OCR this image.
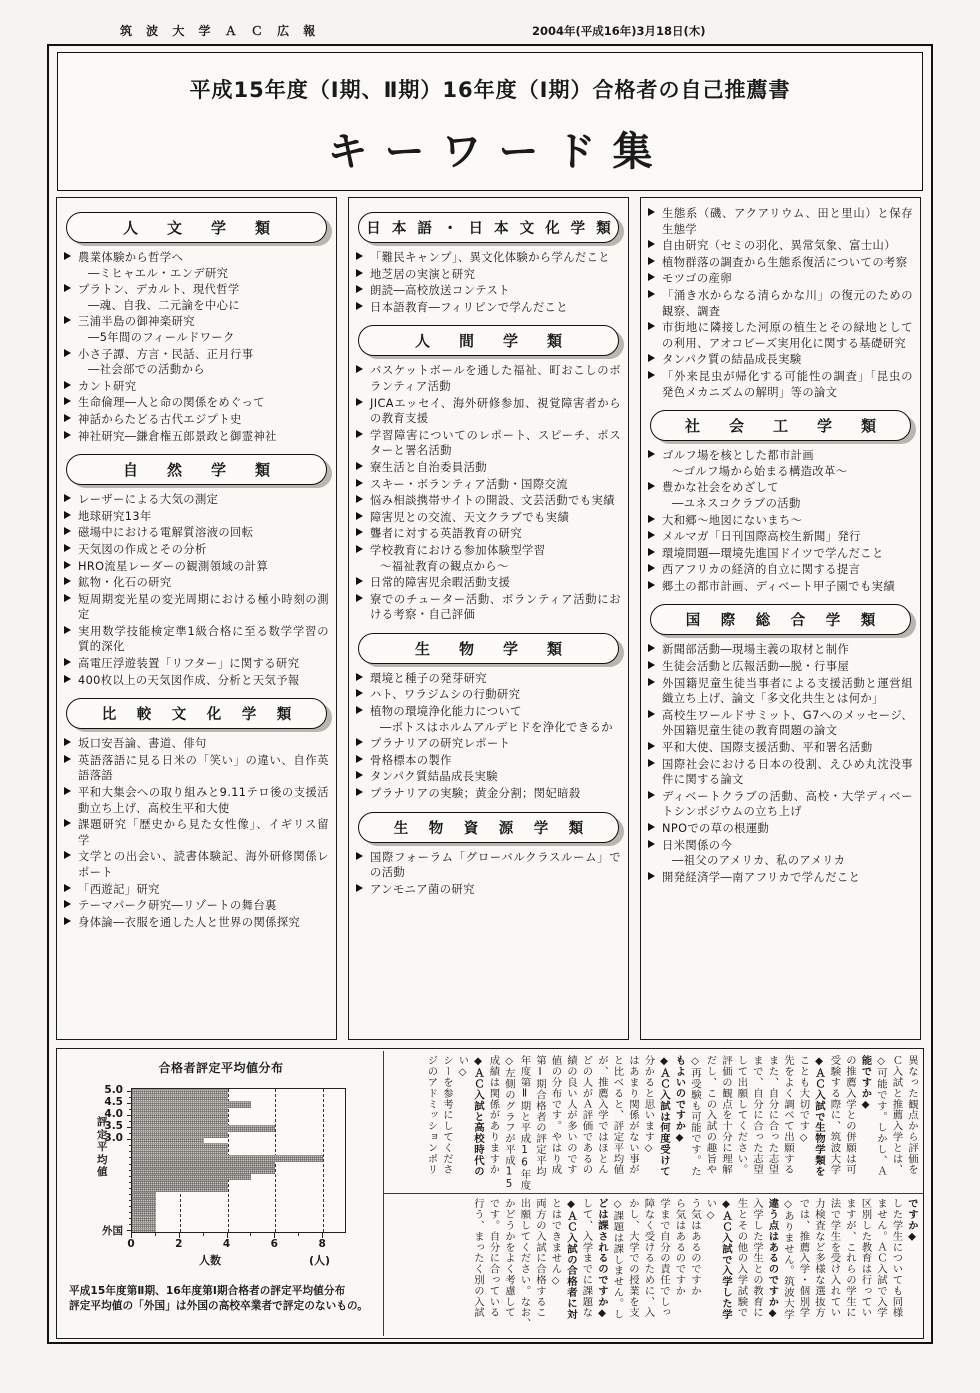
筑 波 大 学 Ａ Ｃ 広 報	2004年(平成16年)3月18日(木)
平成15年度（Ⅰ期、Ⅱ期）16年度（Ⅰ期）合格者の自己推薦書
キーワード集
人　文　学　類
農業体験から哲学へ
―ミヒャエル・エンデ研究
プラトン、デカルト、現代哲学
―魂、自我、二元論を中心に
三浦半島の御神楽研究
―5年間のフィールドワーク
小さ子譚、方言・民話、正月行事
―社会部での活動から
カント研究
生命倫理―人と命の関係をめぐって
神話からたどる古代エジプト史
神社研究―鎌倉権五郎景政と御霊神社
自　然　学　類
レーザーによる大気の測定
地球研究13年
磁場中における電解質溶液の回転
天気図の作成とその分析
HRO流星レーダーの観測領域の計算
鉱物・化石の研究
短周期変光星の変光周期における極小時刻の測定
実用数学技能検定準1級合格に至る数学学習の質的深化
高電圧浮遊装置「リフター」に関する研究
400枚以上の天気図作成、分析と天気予報
比　較　文　化　学　類
坂口安吾論、書道、俳句
英語落語に見る日米の「笑い」の違い、自作英語落語
平和大集会への取り組みと9.11テロ後の支援活動立ち上げ、高校生平和大使
課題研究「歴史から見た女性像」、イギリス留学
文学との出会い、読書体験記、海外研修関係レポート
「西遊記」研究
テーマパーク研究―リゾートの舞台裏
身体論―衣服を通した人と世界の関係探究
日 本 語 ・ 日 本 文 化 学 類
「難民キャンプ」、異文化体験から学んだこと
地芝居の実演と研究
朗読―高校放送コンテスト
日本語教育―フィリピンで学んだこと
人　間　学　類
バスケットボールを通した福祉、町おこしのボランティア活動
JICAエッセイ、海外研修参加、視覚障害者からの教育支援
学習障害についてのレポート、スピーチ、ポスターと署名活動
寮生活と自治委員活動
スキー・ボランティア活動・国際交流
悩み相談携帯サイトの開設、文芸活動でも実績
障害児との交流、天文クラブでも実績
聾者に対する英語教育の研究
学校教育における参加体験型学習
～福祉教育の観点から～
日常的障害児余暇活動支援
寮でのチューター活動、ボランティア活動における考察・自己評価
生　物　学　類
環境と種子の発芽研究
ハト、ワラジムシの行動研究
植物の環境浄化能力について
―ポトスはホルムアルデヒドを浄化できるか
プラナリアの研究レポート
骨格標本の製作
タンパク質結晶成長実験
プラナリアの実験；黄金分割；閔妃暗殺
生　物　資　源　学　類
国際フォーラム「グローバルクラスルーム」での活動
アンモニア菌の研究
生態系（磯、アクアリウム、田と里山）と保存生態学
自由研究（セミの羽化、異常気象、富士山）
植物群落の調査から生態系復活についての考察
モツゴの産卵
「涌き水からなる清らかな川」の復元のための観察、調査
市街地に隣接した河原の植生とその緑地としての利用、アオコビーズ実用化に関する基礎研究
タンパク質の結晶成長実験
「外来昆虫が帰化する可能性の調査」「昆虫の発色メカニズムの解明」等の論文
社　会　工　学　類
ゴルフ場を核とした都市計画
～ゴルフ場から始まる構造改革～
豊かな社会をめざして
―ユネスコクラブの活動
大和郷～地図にないまち～
メルマガ「日刊国際高校生新聞」発行
環境問題―環境先進国ドイツで学んだこと
西アフリカの経済的自立に関する提言
郷土の都市計画、ディベート甲子園でも実績
国　際　総　合　学　類
新聞部活動―現場主義の取材と制作
生徒会活動と広報活動―脱・行事屋
外国籍児童生徒当事者による支援活動と運営組織立ち上げ、論文「多文化共生とは何か」
高校生ワールドサミット、G7へのメッセージ、外国籍児童生徒の教育問題の論文
平和大使、国際支援活動、平和署名活動
国際社会における日本の役割、えひめ丸沈没事件に関する論文
ディベートクラブの活動、高校・大学ディベートシンポジウムの立ち上げ
NPOでの草の根運動
日米関係の今
―祖父のアメリカ、私のアメリカ
開発経済学―南アフリカで学んだこと
合格者評定平均値分布
評定平均値
5.0
4.5
4.0
3.5
3.0
外国
0	2	4	6	8
人数	(人)
平成15年度第Ⅱ期、16年度第Ⅰ期合格者の評定平均値分布
評定平均値の「外国」は外国の高校卒業者で評定のないもの。
異なった観点から評価を
Ｃ入試と推薦入学とは、
◇可能です。しかし、Ａ
能ですか◆
の推薦入学との併願は可
受験する際に、筑波大学
◆ＡＣ入試で生物学類を
ことも大切です◇
先をよく調べて出願する
また、自分に合った志望
まで、自分に合った志望
して出願してください。
評価の観点を十分に理解
だし、この入試の趣旨や
◇再受験も可能です。た
もよいのですか◆
◆ＡＣ入試は何度受けて
分かると思います◇
はあまり関係がない事が
と比べると、評定平均値
が、推薦入学ではほとん
どの人がＡ評価であるの
績の良い人が多いのです
値の分布です。やはり成
第Ⅰ期合格者の評定平均
年度第Ⅱ期と平成16年度
◇左側のグラフが平成15
成績は関係がありますか
◆ＡＣ入試と高校時代の
い◇
シーを参考にしてくださ
ジのアドミッションポリ
ですか◆
した学生についても同様
ません。ＡＣ入試で入学
区別した教育は行ってい
ますが、これらの学生に
法で学生を受け入れてい
力検査など多様な選抜方
では、推薦入学・個別学
◇ありません。筑波大学
違う点はあるのですか◆
入学した学生との教育に
生とその他の入学試験で
◆ＡＣ入試で入学した学
い◇
う気はあるのですか
ら気はあるのですか
学まで自分の責任でしっ
障なく受けるために、入
かし、大学での授業を支
◇課題は課しません。し
どは課されるのですか◆
して、入学までに課題な
◆ＡＣ入試の合格者に対
とはできません◇
両方の入試に合格するこ
出願してください。なお、
かどうかをよく考慮して
です。自分に合っている
行う、まったく別の入試
